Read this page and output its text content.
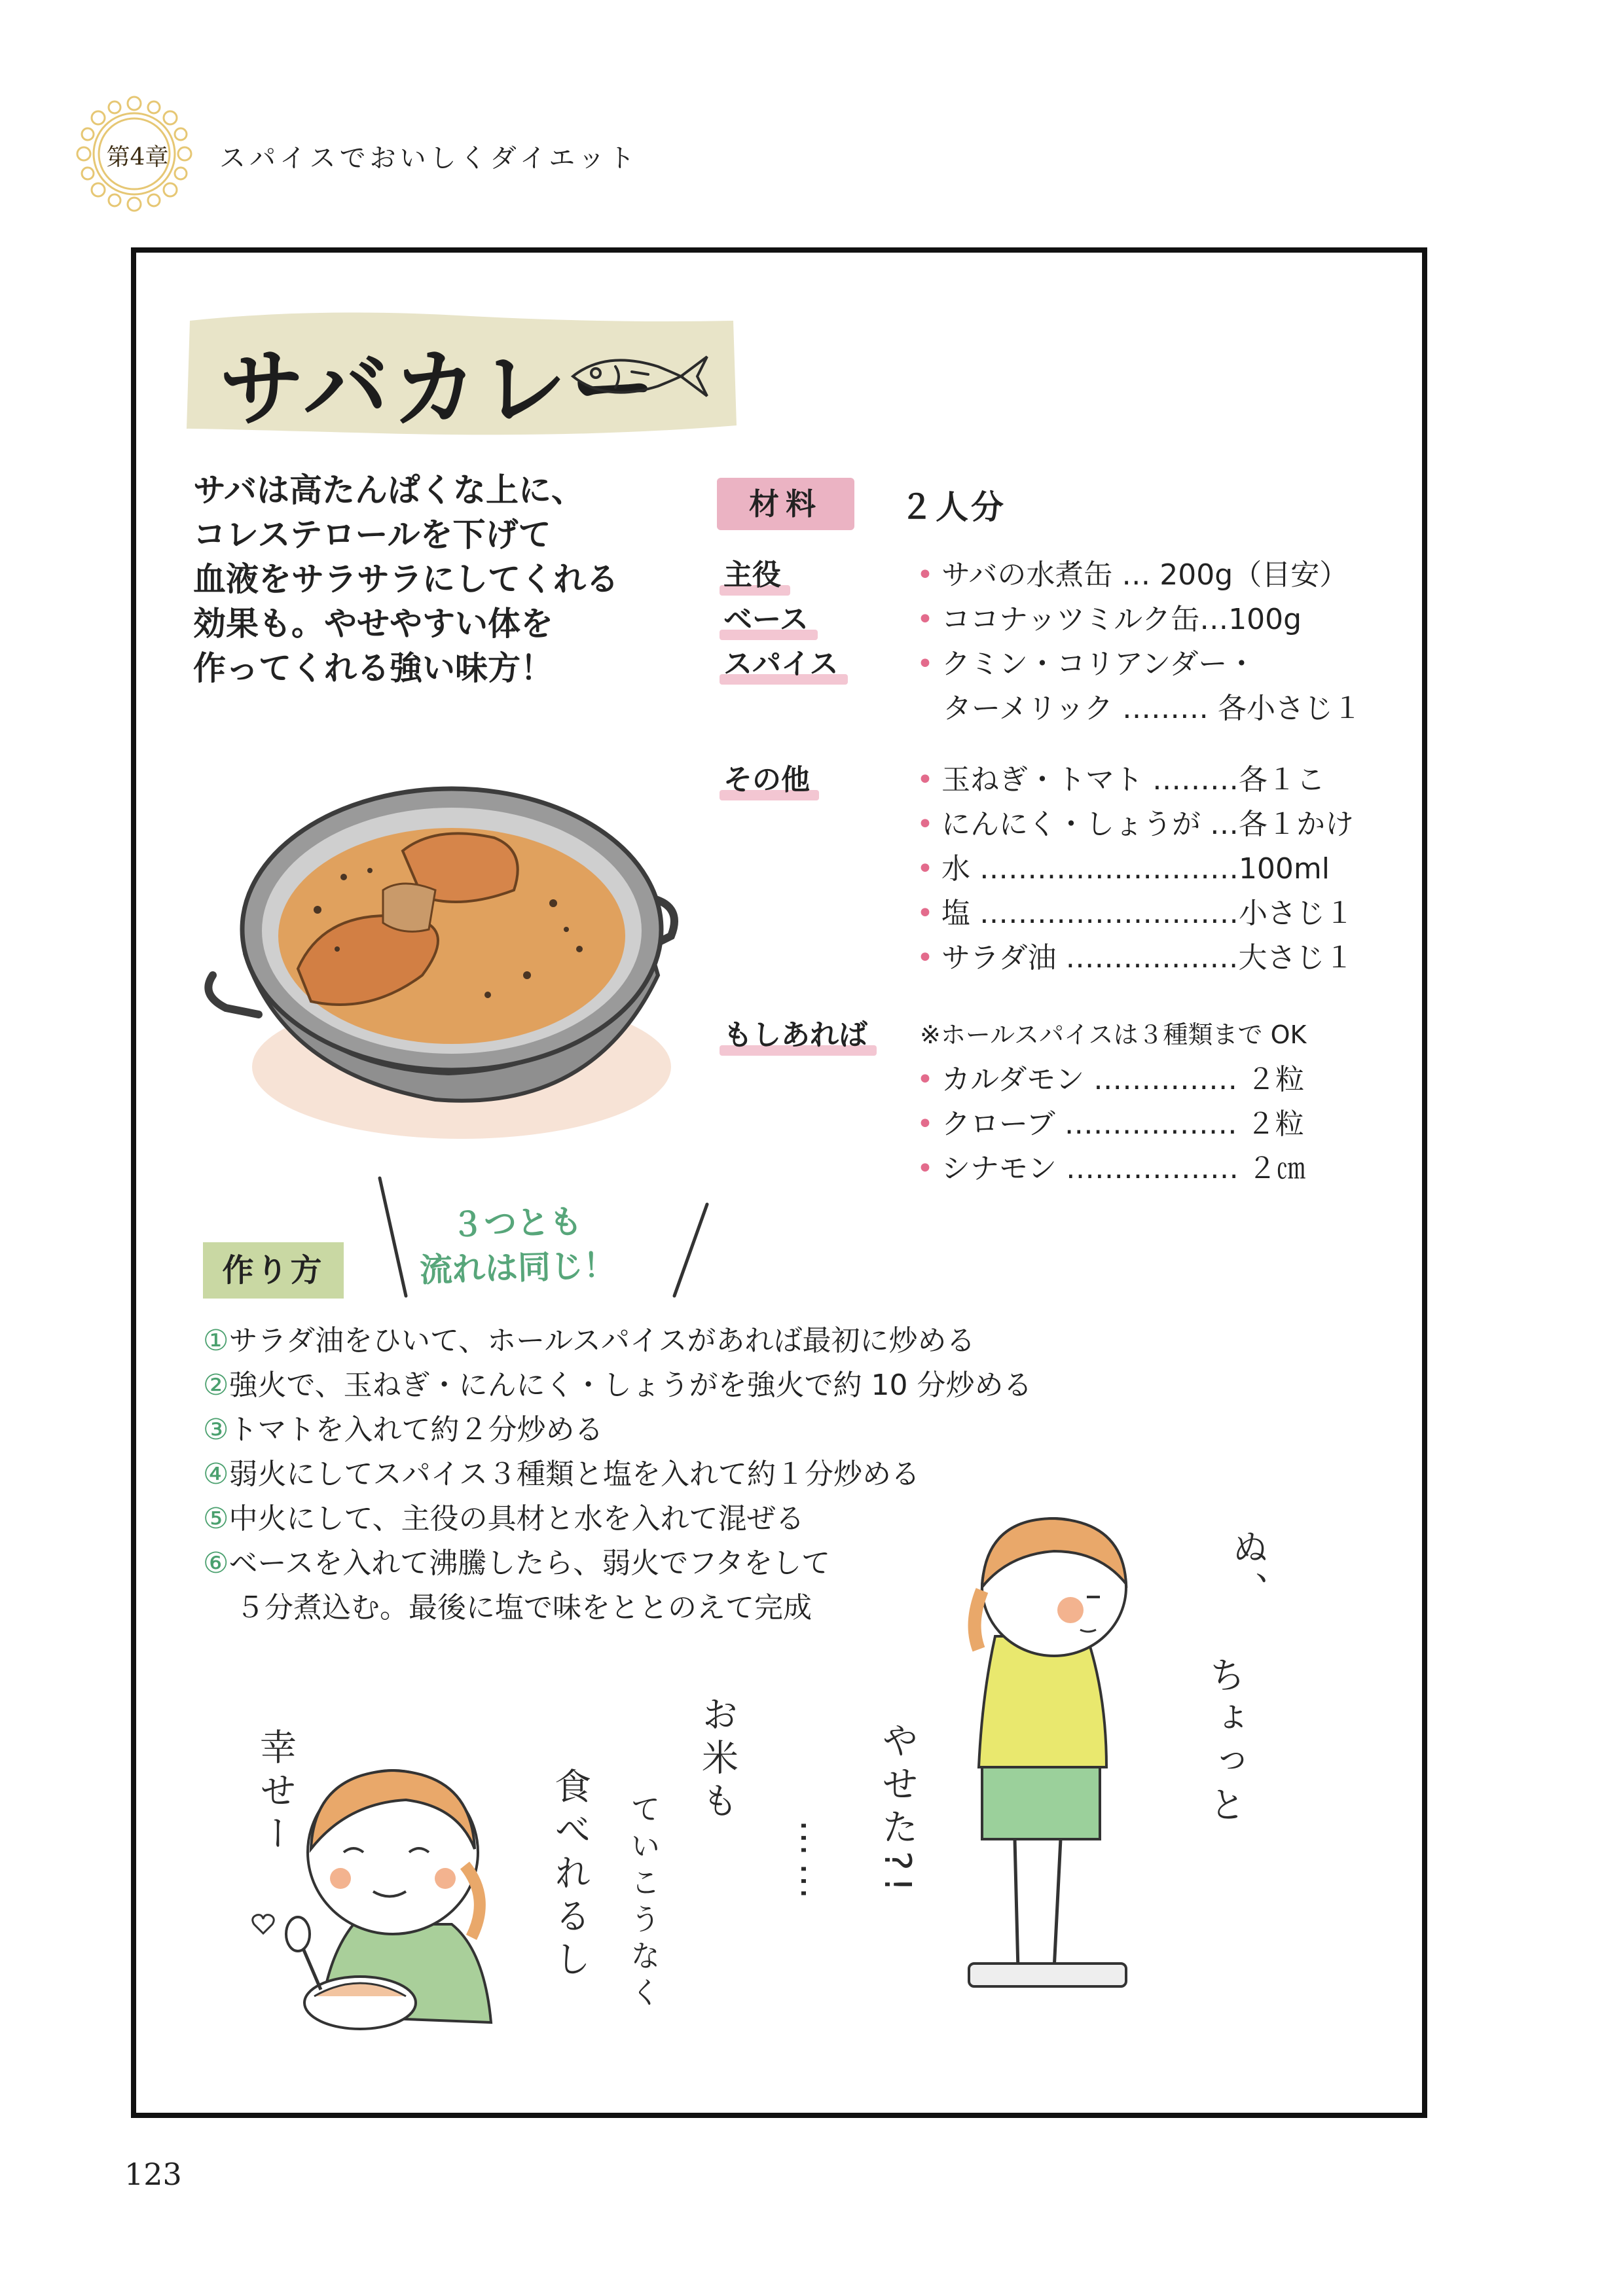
第4章 スパイスでおいしくダイエット
サバカレー
サバは高たんぱくな上に、
コレステロールを下げて
血液をサラサラにしてくれる
効果も。やせやすい体を
作ってくれる強い味方！
材料	２人分
主役	• サバの水煮缶 … 200g（目安）
ベース	• ココナッツミルク缶…100g
スパイス	• クミン・コリアンダー・
ターメリック ……… 各小さじ１
その他	• 玉ねぎ・トマト ………各１こ
• にんにく・しょうが …各１かけ
• 水 ………………………100ml
• 塩 ………………………小さじ１
• サラダ油 ………………大さじ１
もしあれば ※ホールスパイスは３種類まで OK
• カルダモン …………… ２粒
• クローブ ……………… ２粒
• シナモン ……………… ２㎝
３つとも
流れは同じ！
作り方
①サラダ油をひいて、ホールスパイスがあれば最初に炒める
②強火で、玉ねぎ・にんにく・しょうがを強火で約 10 分炒める
③トマトを入れて約２分炒める
④弱火にしてスパイス３種類と塩を入れて約１分炒める
⑤中火にして、主役の具材と水を入れて混ぜる
⑥ベースを入れて沸騰したら、弱火でフタをして
５分煮込む。最後に塩で味をととのえて完成
幸せー	食べれるし ていこうなく
お米も
…… やせた?!
ぬ、
ちょっと
123
